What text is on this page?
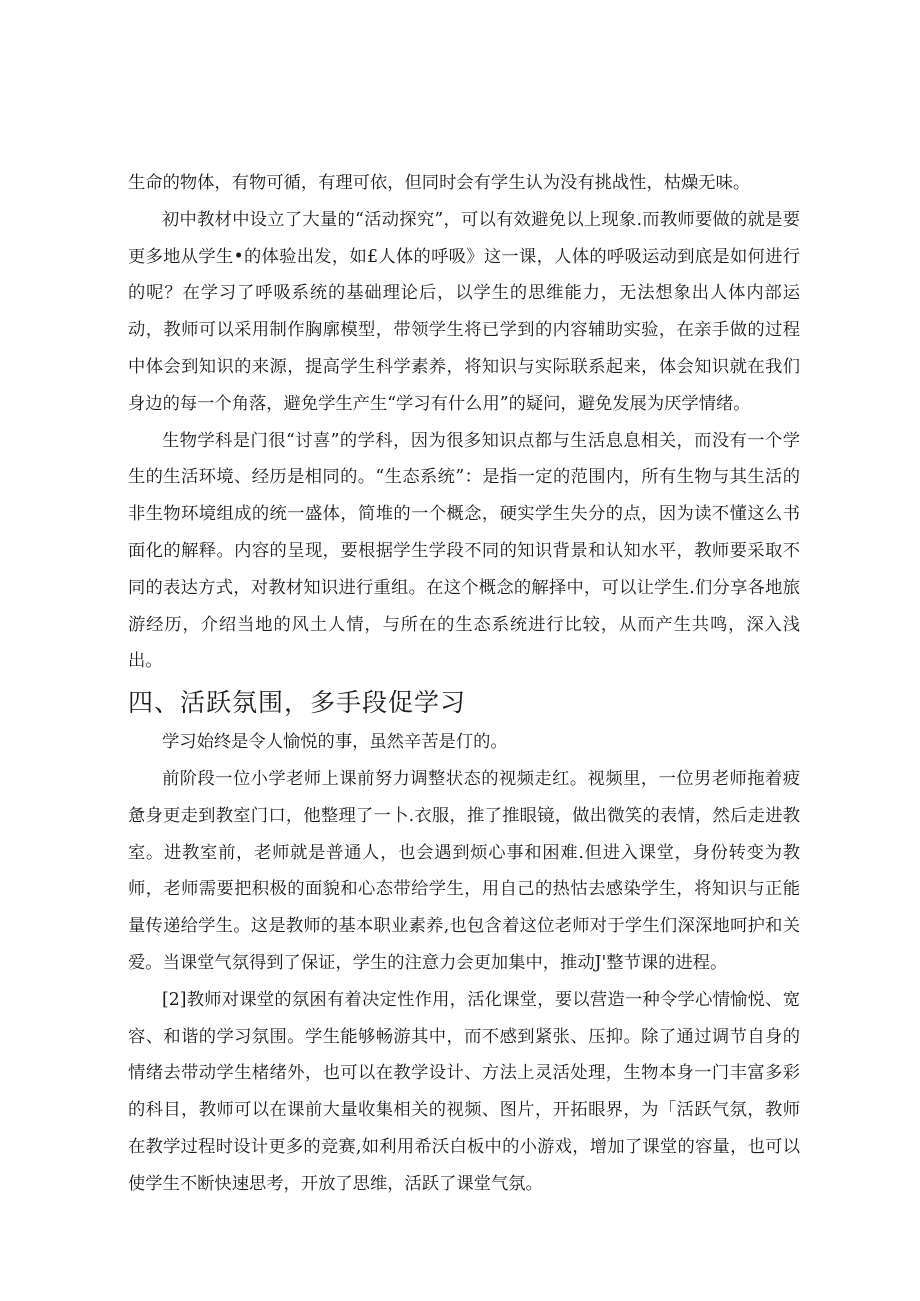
生命的物体，有物可循，有理可依，但同时会有学生认为没有挑战性，枯燥无味。

初中教材中设立了大量的“活动探究”，可以有效避免以上现象.而教师要做的就是要更多地从学生•的体验出发，如£人体的呼吸》这一课，人体的呼吸运动到底是如何进行的呢？在学习了呼吸系统的基础理论后，以学生的思维能力，无法想象出人体内部运动，教师可以采用制作胸廓模型，带领学生将已学到的内容辅助实验，在亲手做的过程中体会到知识的来源，提高学生科学素养，将知识与实际联系起来，体会知识就在我们身边的每一个角落，避免学生产生“学习有什么用”的疑问，避免发展为厌学情绪。

生物学科是门很“讨喜”的学科，因为很多知识点都与生活息息相关，而没有一个学生的生活环境、经历是相同的。“生态系统”：是指一定的范围内，所有生物与其生活的非生物环境组成的统一盛体，简堆的一个概念，硬实学生失分的点，因为读不懂这么书面化的解释。内容的呈现，要根据学生学段不同的知识背景和认知水平，教师要采取不同的表达方式，对教材知识进行重组。在这个概念的解择中，可以让学生.们分享各地旅游经历，介绍当地的风土人情，与所在的生态系统进行比较，从而产生共鸣，深入浅出。

四、活跃氛围，多手段促学习

学习始终是令人愉悦的事，虽然辛苦是仃的。

前阶段一位小学老师上课前努力调整状态的视频走红。视频里，一位男老师拖着疲惫身更走到教室门口，他整理了一卜.衣服，推了推眼镜，做出微笑的表情，然后走进教室。进教室前，老师就是普通人，也会遇到烦心事和困难.但进入课堂，身份转变为教师，老师需要把积极的面貌和心态带给学生，用自己的热怙去感染学生，将知识与正能量传递给学生。这是教师的基本职业素养,也包含着这位老师对于学生们深深地呵护和关爱。当课堂气氛得到了保证，学生的注意力会更加集中，推动J'整节课的进程。

[2]教师对课堂的氛困有着决定性作用，活化课堂，要以营造一种令学心情愉悦、宽容、和谐的学习氛围。学生能够畅游其中，而不感到紧张、压抑。除了通过调节自身的情绪去带动学生楮绪外，也可以在教学设计、方法上灵活处理，生物本身一门丰富多彩的科目，教师可以在课前大量收集相关的视频、图片，开拓眼界，为「活跃气氛，教师在教学过程时设计更多的竞赛,如利用希沃白板中的小游戏，增加了课堂的容量，也可以使学生不断快速思考，开放了思维，活跃了课堂气氛。
